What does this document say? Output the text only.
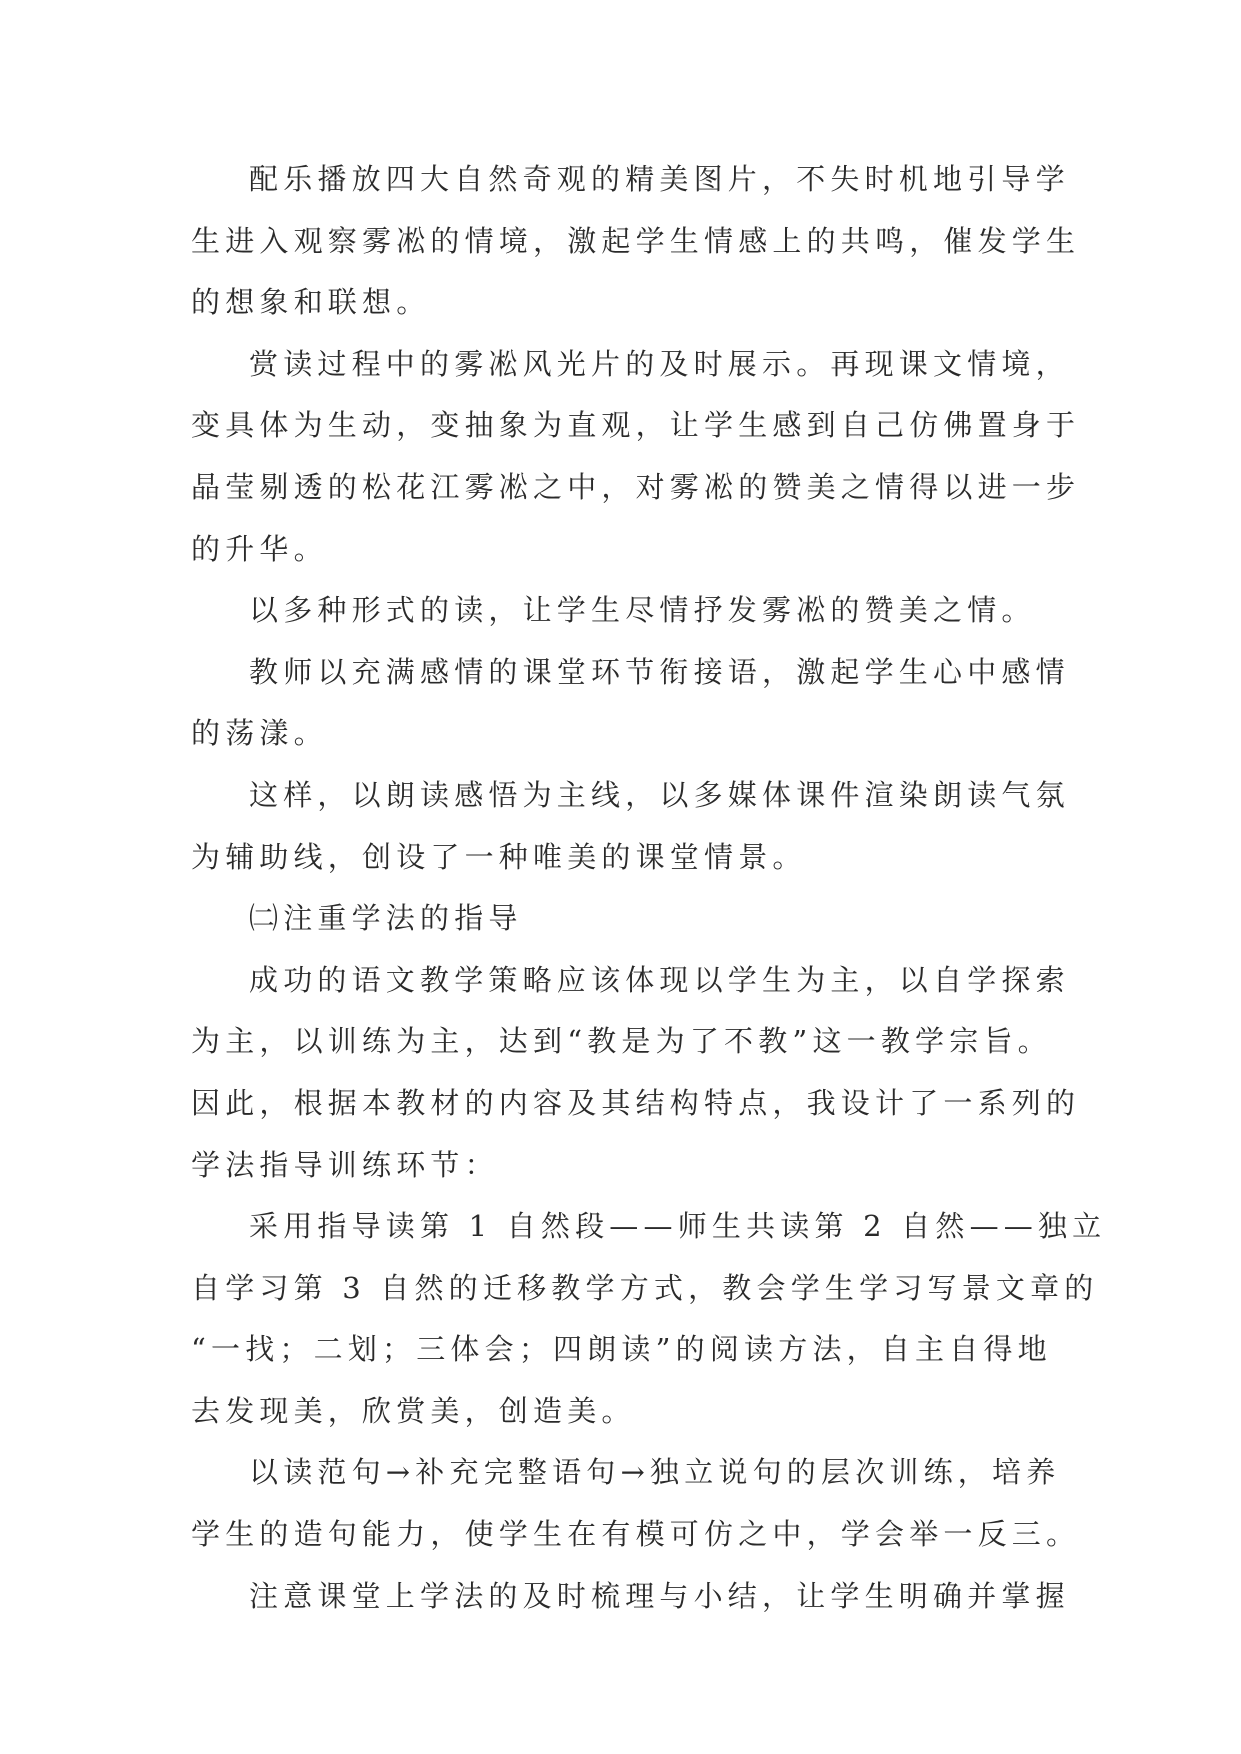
配乐播放四大自然奇观的精美图片，不失时机地引导学
生进入观察雾凇的情境，激起学生情感上的共鸣，催发学生
的想象和联想。

赏读过程中的雾凇风光片的及时展示。再现课文情境，
变具体为生动，变抽象为直观，让学生感到自己仿佛置身于
晶莹剔透的松花江雾凇之中，对雾凇的赞美之情得以进一步
的升华。

以多种形式的读，让学生尽情抒发雾凇的赞美之情。

教师以充满感情的课堂环节衔接语，激起学生心中感情
的荡漾。

这样，以朗读感悟为主线，以多媒体课件渲染朗读气氛
为辅助线，创设了一种唯美的课堂情景。

㈡注重学法的指导

成功的语文教学策略应该体现以学生为主，以自学探索
为主，以训练为主，达到“教是为了不教”这一教学宗旨。
因此，根据本教材的内容及其结构特点，我设计了一系列的
学法指导训练环节：

采用指导读第 1 自然段——师生共读第 2 自然——独立
自学习第 3 自然的迁移教学方式，教会学生学习写景文章的
“一找；二划；三体会；四朗读”的阅读方法，自主自得地
去发现美，欣赏美，创造美。

以读范句→补充完整语句→独立说句的层次训练，培养
学生的造句能力，使学生在有模可仿之中，学会举一反三。

注意课堂上学法的及时梳理与小结，让学生明确并掌握
